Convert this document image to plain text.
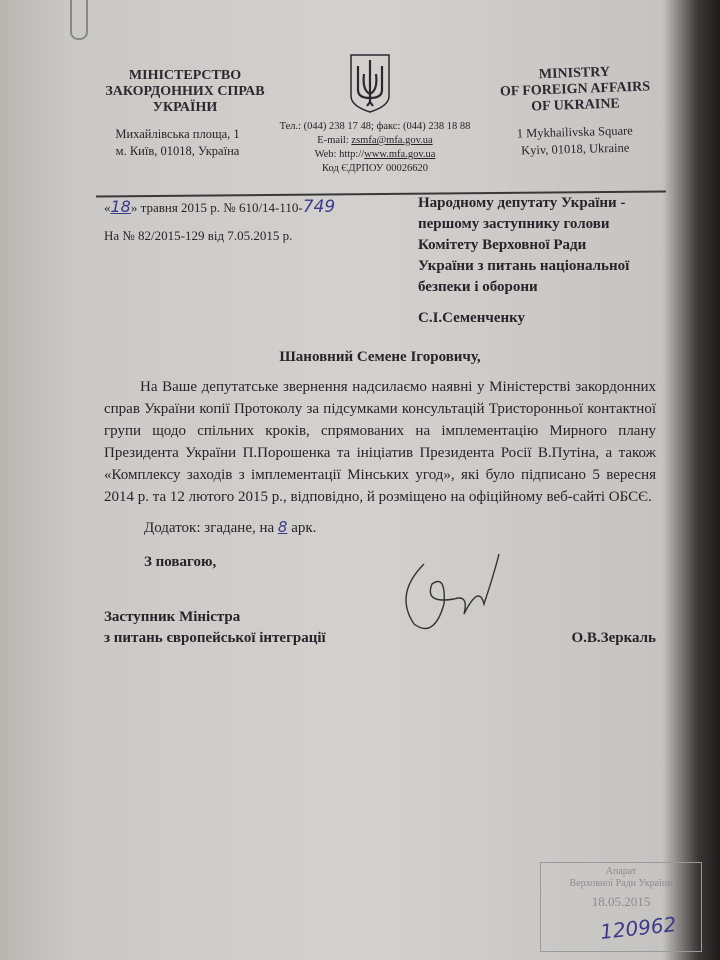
МІНІСТЕРСТВО
ЗАКОРДОННИХ СПРАВ
УКРАЇНИ
Михайлівська площа, 1
м. Київ, 01018, Україна
Тел.: (044) 238 17 48; факс: (044) 238 18 88
E-mail: zsmfa@mfa.gov.ua
Web: http://www.mfa.gov.ua
Код ЄДРПОУ 00026620
MINISTRY
OF FOREIGN AFFAIRS
OF UKRAINE
1 Mykhailivska Square
Kyiv, 01018, Ukraine
«18» травня 2015 р. № 610/14-110-749
На № 82/2015-129 від 7.05.2015 р.
Народному депутату України -
першому заступнику голови
Комітету Верховної Ради
України з питань національної
безпеки і оборони
С.І.Семенченку
Шановний Семене Ігоровичу,
На Ваше депутатське звернення надсилаємо наявні у Міністерстві закордонних справ України копії Протоколу за підсумками консультацій Тристоронньої контактної групи щодо спільних кроків, спрямованих на імплементацію Мирного плану Президента України П.Порошенка та ініціатив Президента Росії В.Путіна, а також «Комплексу заходів з імплементації Мінських угод», які було підписано 5 вересня 2014 р. та 12 лютого 2015 р., відповідно, й розміщено на офіційному веб-сайті ОБСЄ.
Додаток: згадане, на 8 арк.
З повагою,
Заступник Міністра
з питань європейської інтеграції	О.В.Зеркаль
Апарат
Верховної Ради України
18.05.2015
120962
